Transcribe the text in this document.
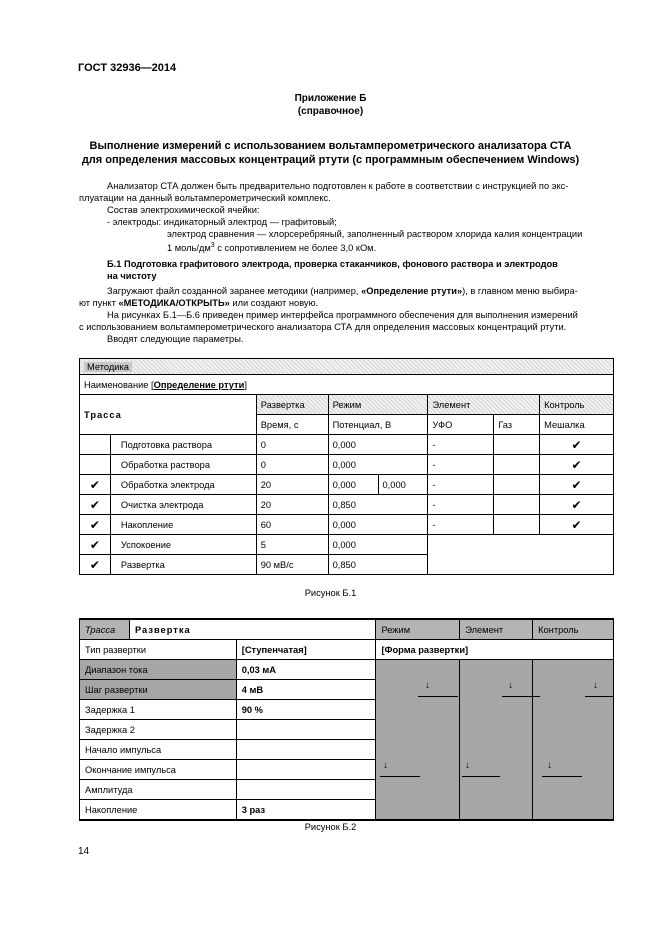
ГОСТ 32936—2014
Приложение Б
(справочное)
Выполнение измерений с использованием вольтамперометрического анализатора СТА
для определения массовых концентраций ртути (с программным обеспечением Windows)
Анализатор СТА должен быть предварительно подготовлен к работе в соответствии с инструкцией по экс-
плуатации на данный вольтамперометрический комплекс.
Состав электрохимической ячейки:
- электроды: индикаторный электрод — графитовый;
электрод сравнения — хлорсеребряный, заполненный раствором хлорида калия концентрации
1 моль/$дм^3$ с сопротивлением не более 3,0 кОм.
Б.1 Подготовка графитового электрода, проверка стаканчиков, фонового раствора и электродов
на чистоту
Загружают файл созданной заранее методики (например, «Определение ртути»), в главном меню выбира-
ют пункт «МЕТОДИКА/ОТКРЫТЬ» или создают новую.
На рисунках Б.1—Б.6 приведен пример интерфейса программного обеспечения для выполнения измерений
с использованием вольтамперометрического анализатора СТА для определения массовых концентраций ртути.
Вводят следующие параметры.
Методика							
Наименование [Определение ртути]							
Трасса		Развертка	Режим		Элемент		Контроль
		Время, с	Потенциал, В		УФО	Газ	Мешалка
	Подготовка раствора	0	0,000		-		✔
	Обработка раствора	0	0,000		-		✔
✔	Обработка электрода	20	0,000	0,000	-		✔
✔	Очистка электрода	20	0,850		-		✔
✔	Накопление	60	0,000		-		✔
✔	Успокоение	5	0,000				
✔	Развертка	90 мВ/с	0,850				
Рисунок Б.1
Трасса	Развертка		Режим	Элемент	Контроль
Тип развертки		[Ступенчатая]	[Форма развертки]		
Диапазон тока		0,03 мА			
Шаг развертки		4 мВ			
Задержка 1		90 %			
Задержка 2					
Начало импульса					
Окончание импульса					
Амплитуда					
Накопление		3 раз			
↓	↓	↓
↓	↓	↓
Рисунок Б.2
14
